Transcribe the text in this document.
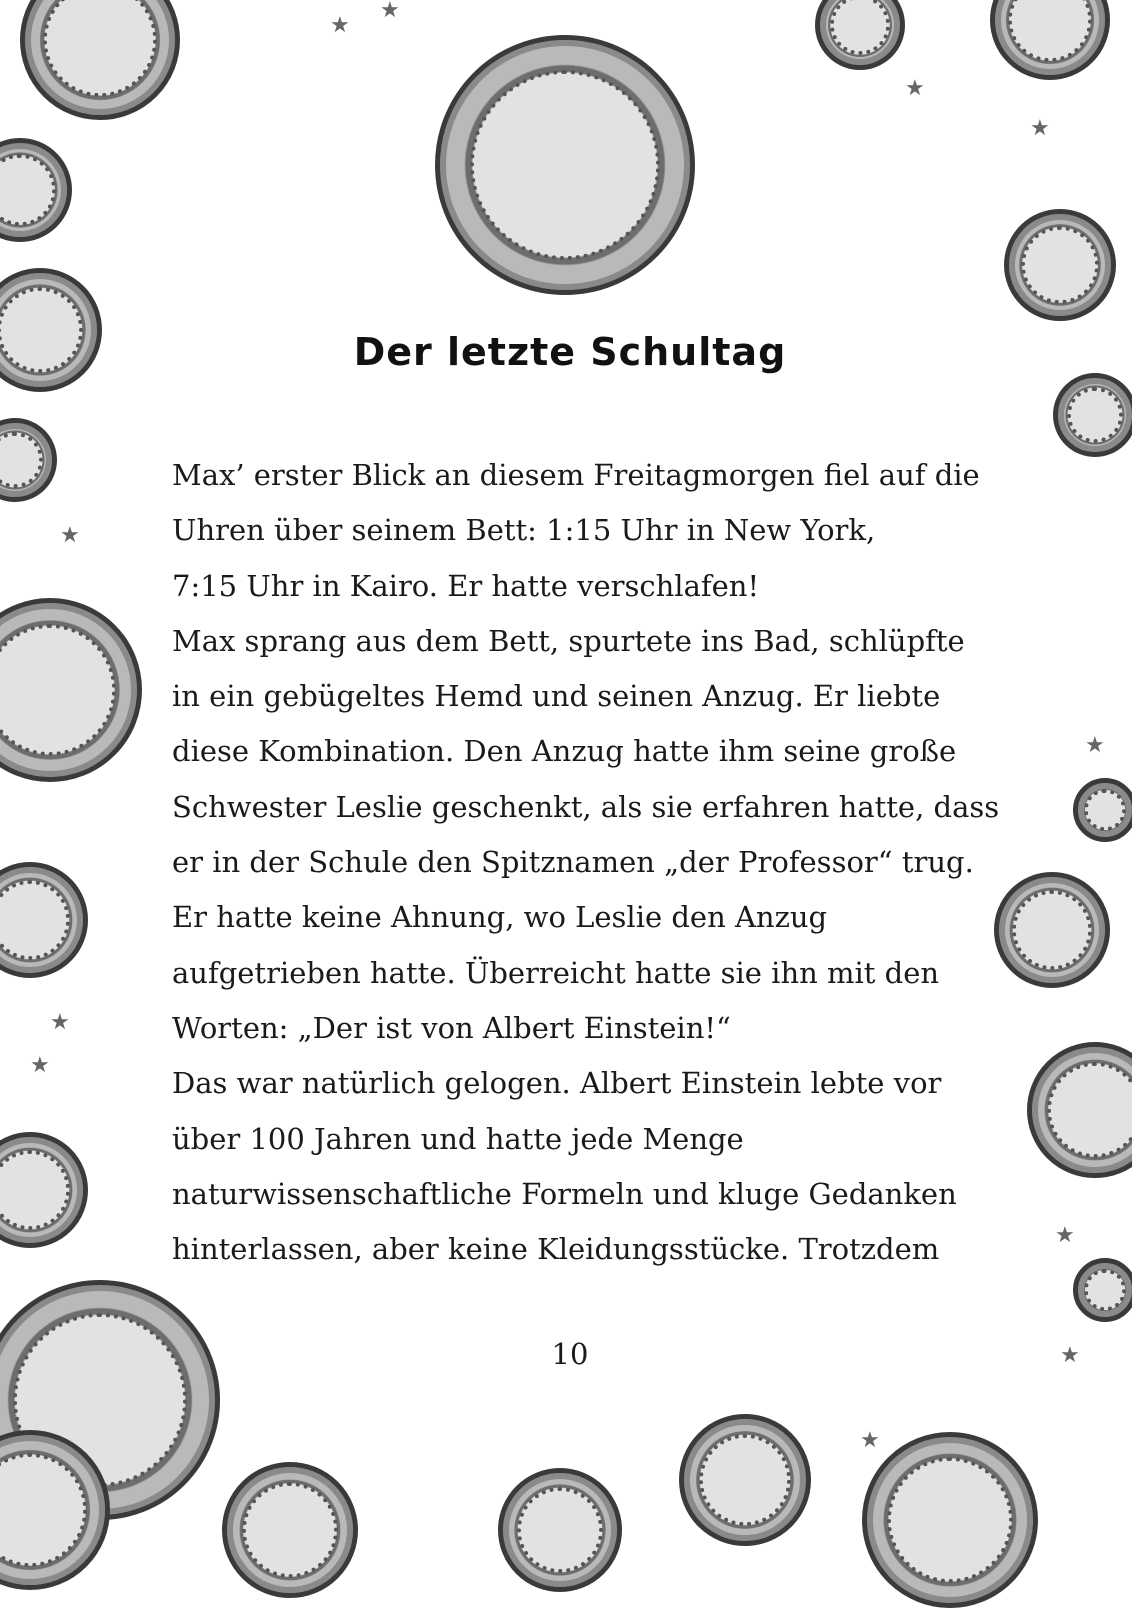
★
★
★
★
★
★
★
★
★
★
★
Der letzte Schultag
Max’ erster Blick an diesem Freitagmorgen fiel auf die
Uhren über seinem Bett: 1:15 Uhr in New York,
7:15 Uhr in Kairo. Er hatte verschlafen!
Max sprang aus dem Bett, spurtete ins Bad, schlüpfte
in ein gebügeltes Hemd und seinen Anzug. Er liebte
diese Kombination. Den Anzug hatte ihm seine große
Schwester Leslie geschenkt, als sie erfahren hatte, dass
er in der Schule den Spitznamen „der Professor“ trug.
Er hatte keine Ahnung, wo Leslie den Anzug
aufgetrieben hatte. Überreicht hatte sie ihn mit den
Worten: „Der ist von Albert Einstein!“
Das war natürlich gelogen. Albert Einstein lebte vor
über 100 Jahren und hatte jede Menge
naturwissenschaftliche Formeln und kluge Gedanken
hinterlassen, aber keine Kleidungsstücke. Trotzdem
10
